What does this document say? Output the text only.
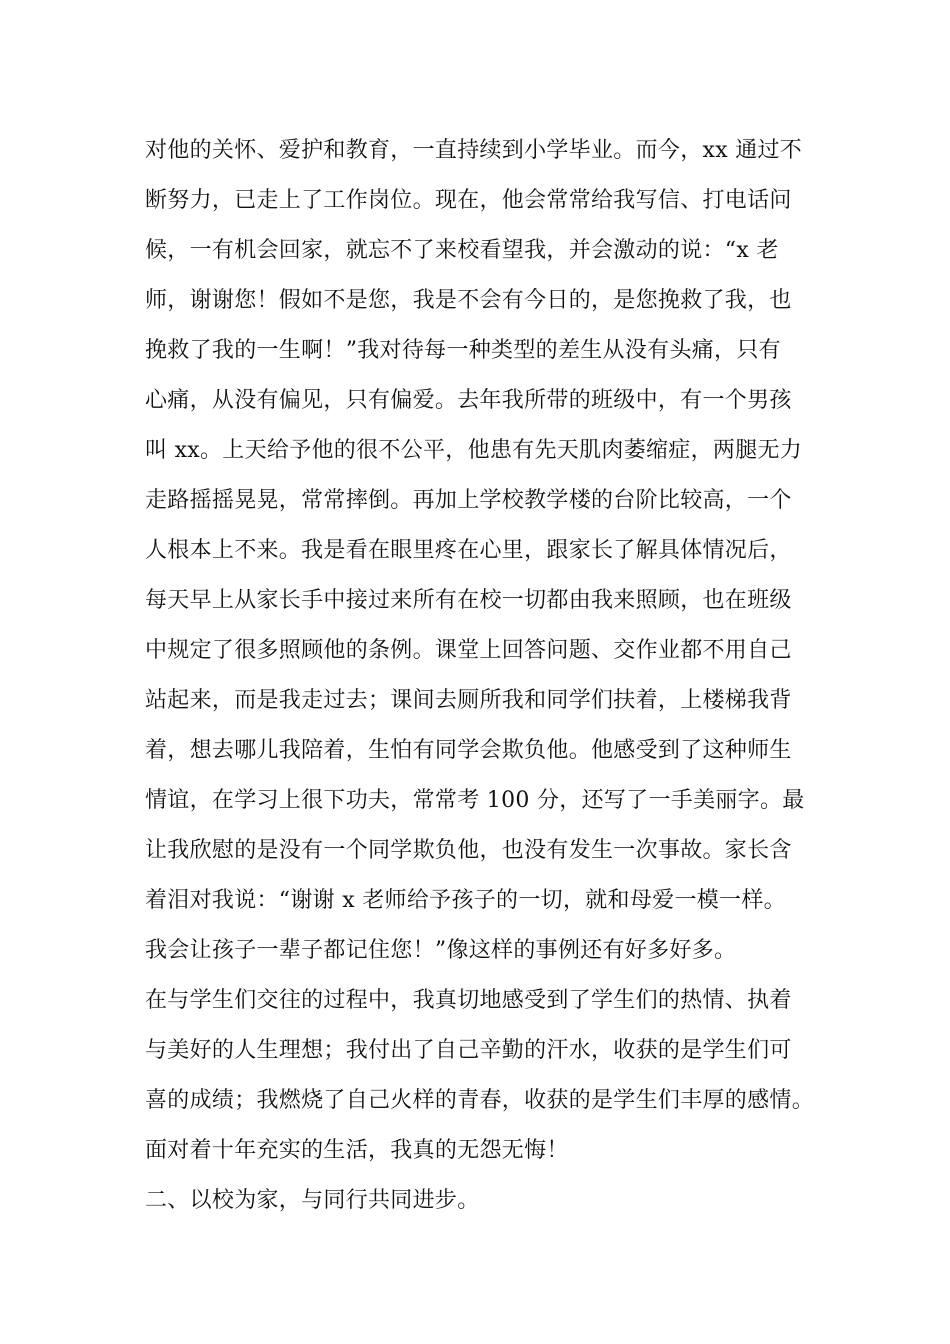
对他的关怀、爱护和教育，一直持续到小学毕业。而今，xx 通过不
断努力，已走上了工作岗位。现在，他会常常给我写信、打电话问
候，一有机会回家，就忘不了来校看望我，并会激动的说：“x 老
师，谢谢您！假如不是您，我是不会有今日的，是您挽救了我，也
挽救了我的一生啊！”我对待每一种类型的差生从没有头痛，只有
心痛，从没有偏见，只有偏爱。去年我所带的班级中，有一个男孩
叫 xx。上天给予他的很不公平，他患有先天肌肉萎缩症，两腿无力
走路摇摇晃晃，常常摔倒。再加上学校教学楼的台阶比较高，一个
人根本上不来。我是看在眼里疼在心里，跟家长了解具体情况后，
每天早上从家长手中接过来所有在校一切都由我来照顾，也在班级
中规定了很多照顾他的条例。课堂上回答问题、交作业都不用自己
站起来，而是我走过去；课间去厕所我和同学们扶着，上楼梯我背
着，想去哪儿我陪着，生怕有同学会欺负他。他感受到了这种师生
情谊，在学习上很下功夫，常常考 100 分，还写了一手美丽字。最
让我欣慰的是没有一个同学欺负他，也没有发生一次事故。家长含
着泪对我说：“谢谢 x 老师给予孩子的一切，就和母爱一模一样。
我会让孩子一辈子都记住您！”像这样的事例还有好多好多。
在与学生们交往的过程中，我真切地感受到了学生们的热情、执着
与美好的人生理想；我付出了自己辛勤的汗水，收获的是学生们可
喜的成绩；我燃烧了自己火样的青春，收获的是学生们丰厚的感情。
面对着十年充实的生活，我真的无怨无悔！
二、以校为家，与同行共同进步。
